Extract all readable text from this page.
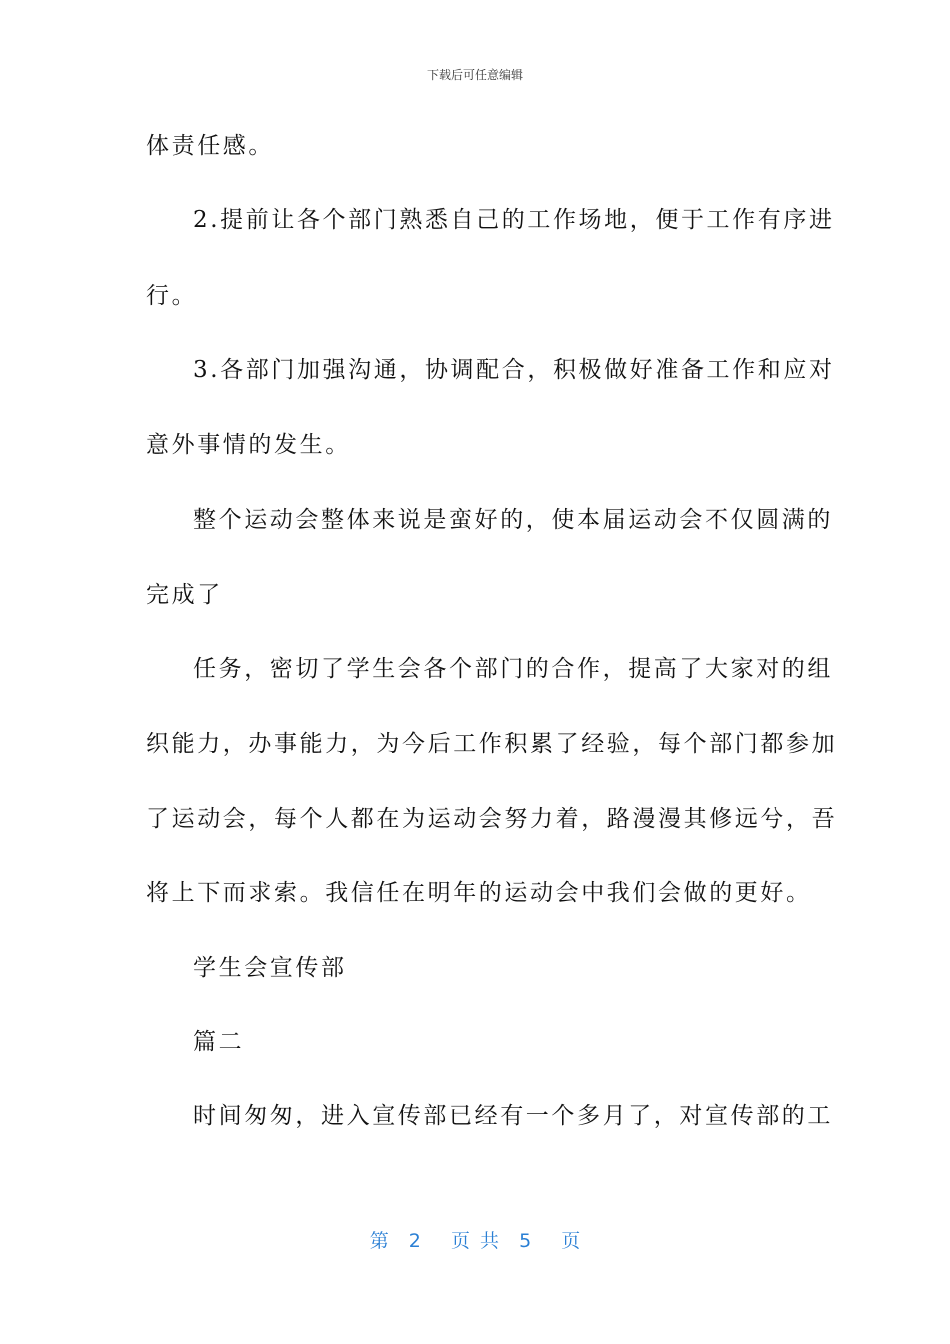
下载后可任意编辑
体责任感。
2.提前让各个部门熟悉自己的工作场地，便于工作有序进
行。
3.各部门加强沟通，协调配合，积极做好准备工作和应对
意外事情的发生。
整个运动会整体来说是蛮好的，使本届运动会不仅圆满的
完成了
任务，密切了学生会各个部门的合作，提高了大家对的组
织能力，办事能力，为今后工作积累了经验，每个部门都参加
了运动会，每个人都在为运动会努力着，路漫漫其修远兮，吾
将上下而求索。我信任在明年的运动会中我们会做的更好。
学生会宣传部
篇二
时间匆匆，进入宣传部已经有一个多月了，对宣传部的工
第  2   页 共  5   页
